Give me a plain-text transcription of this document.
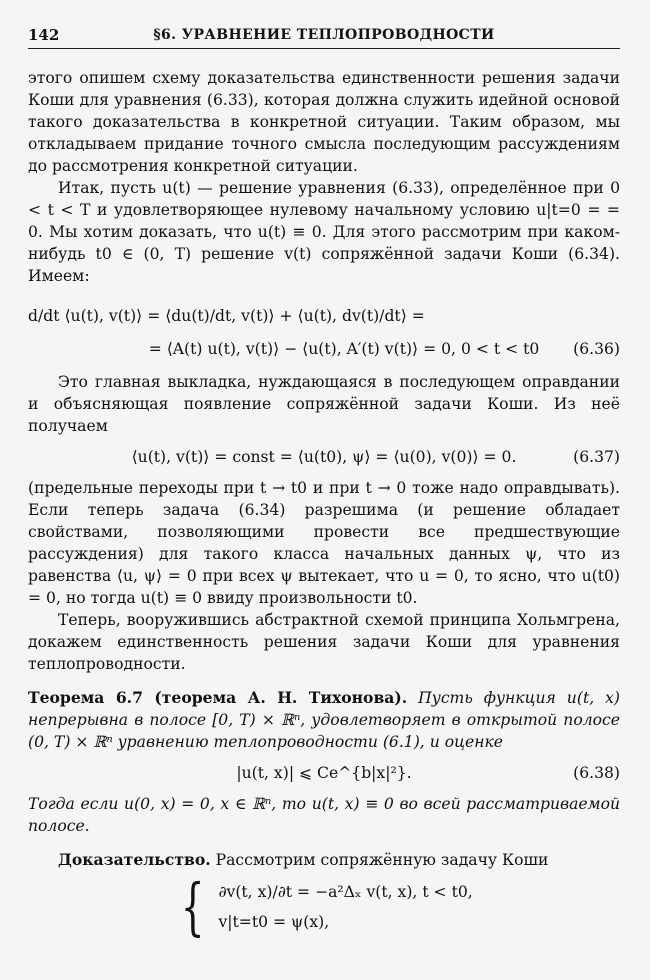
142	§6. УРАВНЕНИЕ ТЕПЛОПРОВОДНОСТИ

этого опишем схему доказательства единственности решения задачи Коши для уравнения (6.33), которая должна служить идейной основой такого доказательства в конкретной ситуации. Таким образом, мы откладываем придание точного смысла последующим рассуждениям до рассмотрения конкретной ситуации.

Итак, пусть u(t) — решение уравнения (6.33), определённое при 0 < t < T и удовлетворяющее нулевому начальному условию u|t=0 = = 0. Мы хотим доказать, что u(t) ≡ 0. Для этого рассмотрим при каком-нибудь t0 ∈ (0, T) решение v(t) сопряжённой задачи Коши (6.34). Имеем:

d/dt ⟨u(t), v(t)⟩ = ⟨du(t)/dt, v(t)⟩ + ⟨u(t), dv(t)/dt⟩ =
= ⟨A(t) u(t), v(t)⟩ − ⟨u(t), A′(t) v(t)⟩ = 0, 0 < t < t0 (6.36)

Это главная выкладка, нуждающаяся в последующем оправдании и объясняющая появление сопряжённой задачи Коши. Из неё получаем

⟨u(t), v(t)⟩ = const = ⟨u(t0), ψ⟩ = ⟨u(0), v(0)⟩ = 0.	(6.37)

(предельные переходы при t → t0 и при t → 0 тоже надо оправдывать). Если теперь задача (6.34) разрешима (и решение обладает свойствами, позволяющими провести все предшествующие рассуждения) для такого класса начальных данных ψ, что из равенства ⟨u, ψ⟩ = 0 при всех ψ вытекает, что u = 0, то ясно, что u(t0) = 0, но тогда u(t) ≡ 0 ввиду произвольности t0.

Теперь, вооружившись абстрактной схемой принципа Хольмгрена, докажем единственность решения задачи Коши для уравнения теплопроводности.

Теорема 6.7 (теорема А. Н. Тихонова). Пусть функция u(t, x) непрерывна в полосе [0, T) × ℝⁿ, удовлетворяет в открытой полосе (0, T) × ℝⁿ уравнению теплопроводности (6.1), и оценке

|u(t, x)| ⩽ Ce^{b|x|²}.	(6.38)

Тогда если u(0, x) = 0, x ∈ ℝⁿ, то u(t, x) ≡ 0 во всей рассматриваемой полосе.

Доказательство. Рассмотрим сопряжённую задачу Коши

{ ∂v(t, x)/∂t = −a²Δₓ v(t, x), t < t0,
v|t=t0 = ψ(x),
